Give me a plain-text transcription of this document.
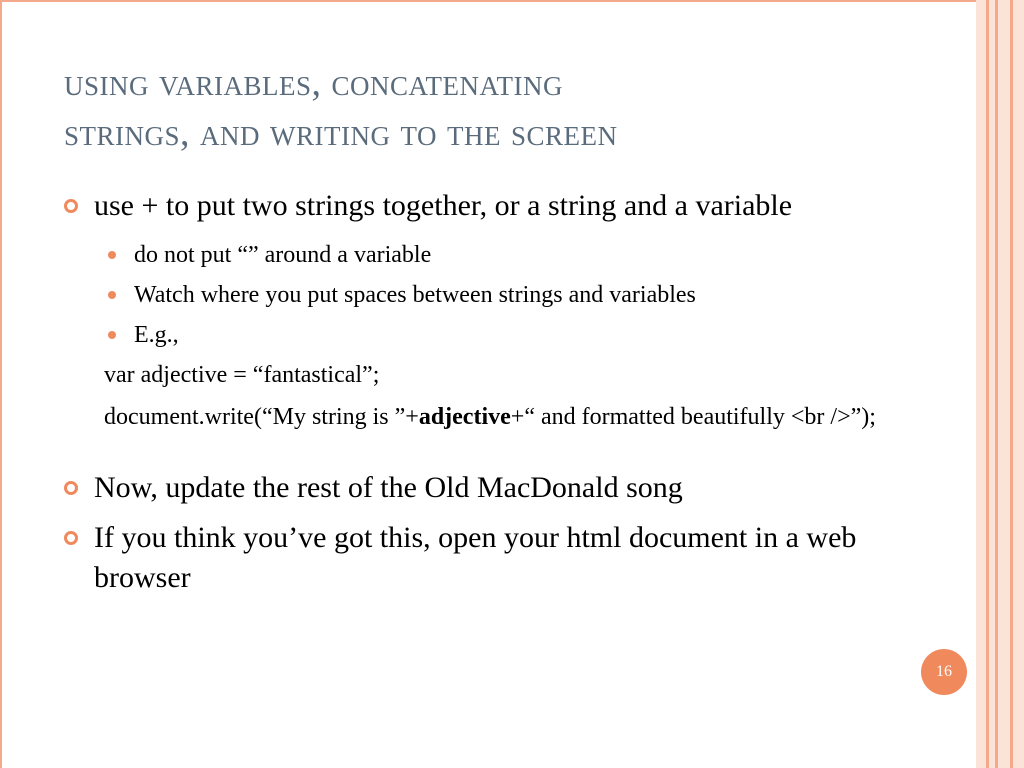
using variables, concatenating
strings, and writing to the screen
use + to put two strings together, or a string and a variable
do not put “” around a variable
Watch where you put spaces between strings and variables
E.g.,
var adjective = “fantastical”;
document.write(“My string is ”+adjective+“ and formatted beautifully <br />”);
Now, update the rest of the Old MacDonald song
If you think you’ve got this, open your html document in a web browser
16
